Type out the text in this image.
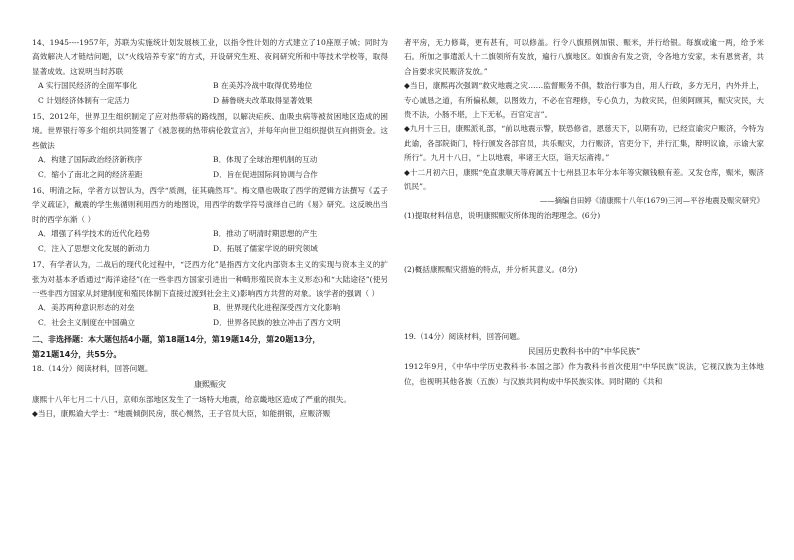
14、1945----1957年，苏联为实施统计划发展核工业，以指令性计划的方式建立了10座原子城；同时为高效解决人才链结问题，以“火线培养专家”的方式，开设研究生班、夜间研究所和中等技术学校等，取得显著成效。这说明当时苏联

A 实行国民经济的全面军事化	B 在美苏冷战中取得优势地位
C 计划经济体制有一定活力	D 赫鲁晓夫改革取得显著效果

15、2012年，世界卫生组织制定了应对热带病的路线图，以解决疟疾、血吸虫病等被贫困地区造成的困境。世界银行等多个组织共同签署了《被忽视的热带病伦敦宣言》，并每年向世卫组织提供互向捐资金。这些做法

A．构建了国际政治经济新秩序	B．体现了全球治理机制的互动
C．缩小了南北之间的经济差距	D．旨在促进国际间协调与合作

16、明清之际，学者方以智认为，西学“质测，征其确然耳”。梅文鼎也吸取了西学的逻辑方法撰写《孟子学义疏证》，戴震的学生焦循则利用西方的地图说，用西学的数学符号演绎自己的《易》研究。这反映出当时的西学东渐（ ）

A．增强了科学技术的近代化趋势	B．推动了明清时期思想的产生
C．注入了思想文化发展的新动力	D．拓展了儒家学说的研究领域

17、有学者认为，二战后的现代化过程中，“泛西方化”是指西方文化内部资本主义的实现与资本主义的扩张为对基本矛盾通过“海洋途径”(在一些非西方国家引进出一种畸形殖民资本主义形态)和“大陆途径”(使另一些非西方国家从封建制度和殖民体制下直接过渡到社会主义)影响西方共营的对象。该学者的强调（ ）

A．美苏两种意识形态的对垒	B．世界现代化进程深受西方文化影响
C．社会主义制度在中国确立	D．世界各民族的独立冲击了西方文明
二、非选择题：本大题包括4小题，第18题14分，第19题14分，第20题13分，
第21题14分，共55分。

18.（14分）阅读材料，回答问题。

康熙赈灾

康熙十八年七月二十八日，京师东部地区发生了一场特大地震，给京畿地区造成了严重的损失。

◆当日，康熙谕大学士：“地震倾倒民房，朕心恻然，王子官员大臣，如能捐银，应赈济赈

者平房，无力修葺，更有甚有，可以修盖。行令八旗照例加银、赈米，并行给银。每旗或逾一两，给予米石。所加之事遣派人十二旗领所有发放，遍行八旗地区。如旗舍有发之资，令各地方安家，未有恩赏者，共合旨要求灾民赈济发放。”

◆当日，康熙再次强调“救灾地震之灾……监督赈务不俱，数治行事为自，用人行政，多方无月，内外并上，专心诚恳之道，有所偏私颇，以图效力，不必在官理修，专心负力，为救灾民，但须阿顾其，赈灾灾民，大贵不法，小肠不堪，上下无私，百官定言”。

◆九月十三日，康熙派礼部，“前以地震示警，朕恐修省，恩慈天下，以期有功，已经宣谕灾户赈济，今特为此谕，各部院衙门，特行颁发各部官员，共乐赈灾，力行赈济，官吏分下，并行汇集，辩明议谕，示谕大家所行”。九月十八日，“上以地震，率诸王大臣，诣天坛斋祷。”

◆十二月初六日，康熙“免直隶顺天等府属五十七州县卫本年分本年等灾额钱粮有差。又发仓库，赈米，赈济饥民”。

——摘编自田婷《清康熙十八年(1679)三河—平谷地震及赈灾研究》

(1)提取材料信息，说明康熙赈灾所体现的治理理念。(6分)

(2)概括康熙赈灾措施的特点，并分析其意义。(8分)

19.（14分）阅读材料，回答问题。

民国历史教科书中的“中华民族”

1912年9月，《中华中学历史教科书·本国之部》作为教科书首次使用“中华民族”说法，它视汉族为主体地位，也视明其他各族（五族）与汉族共同构成中华民族实体。同时期的《共和
